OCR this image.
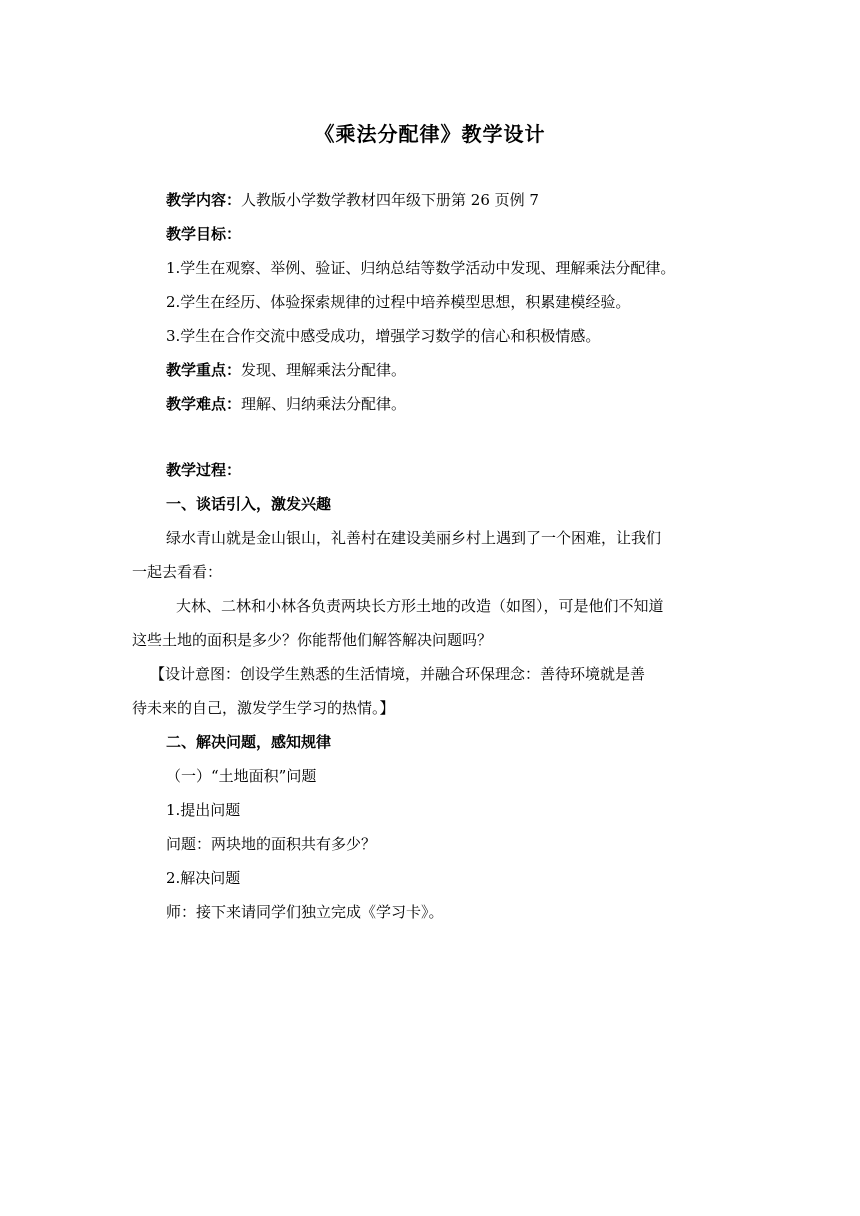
《乘法分配律》教学设计
教学内容：人教版小学数学教材四年级下册第 26 页例 7
教学目标：
1.学生在观察、举例、验证、归纳总结等数学活动中发现、理解乘法分配律。
2.学生在经历、体验探索规律的过程中培养模型思想，积累建模经验。
3.学生在合作交流中感受成功，增强学习数学的信心和积极情感。
教学重点：发现、理解乘法分配律。
教学难点：理解、归纳乘法分配律。
教学过程：
一、谈话引入，激发兴趣
绿水青山就是金山银山，礼善村在建设美丽乡村上遇到了一个困难，让我们
一起去看看：
大林、二林和小林各负责两块长方形土地的改造（如图），可是他们不知道
这些土地的面积是多少？你能帮他们解答解决问题吗？
【设计意图：创设学生熟悉的生活情境，并融合环保理念：善待环境就是善
待未来的自己，激发学生学习的热情。】
二、解决问题，感知规律
（一）“土地面积”问题
1.提出问题
问题：两块地的面积共有多少？
2.解决问题
师：接下来请同学们独立完成《学习卡》。
